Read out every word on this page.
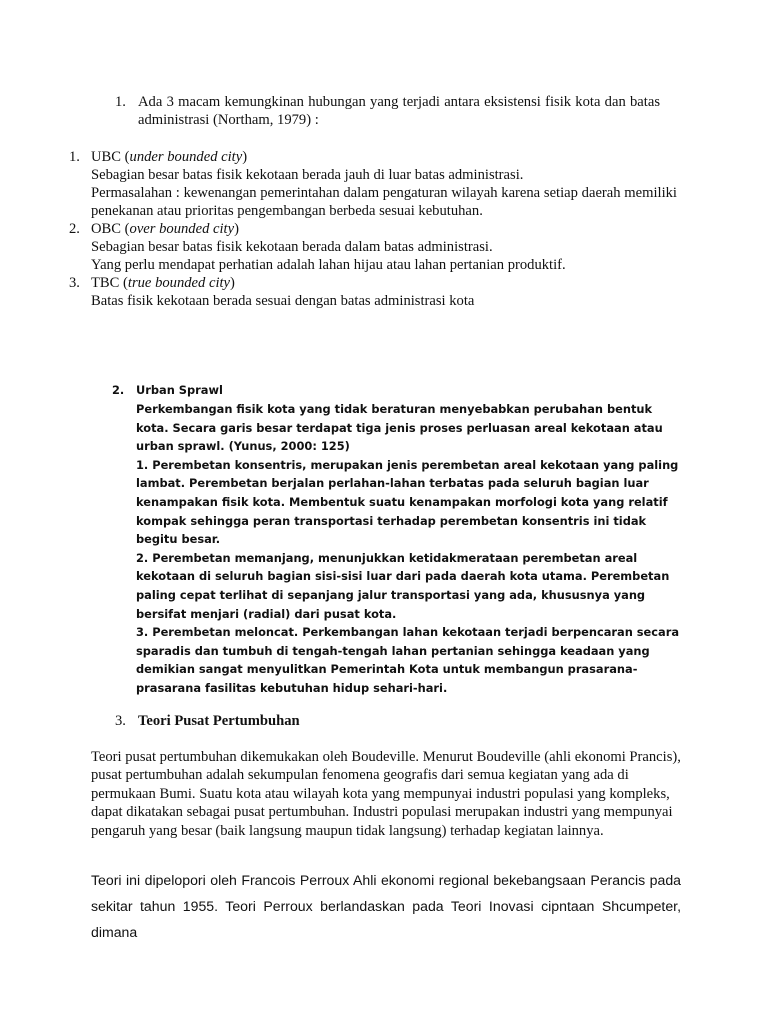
1. Ada 3 macam kemungkinan hubungan yang terjadi antara eksistensi fisik kota dan batas administrasi (Northam, 1979) :

1. UBC (under bounded city)

Sebagian besar batas fisik kekotaan berada jauh di luar batas administrasi.

Permasalahan : kewenangan pemerintahan dalam pengaturan wilayah karena setiap daerah memiliki penekanan atau prioritas pengembangan berbeda sesuai kebutuhan.

2. OBC (over bounded city)

Sebagian besar batas fisik kekotaan berada dalam batas administrasi.

Yang perlu mendapat perhatian adalah lahan hijau atau lahan pertanian produktif.

3. TBC (true bounded city)

Batas fisik kekotaan berada sesuai dengan batas administrasi kota

2. Urban Sprawl

Perkembangan fisik kota yang tidak beraturan menyebabkan perubahan bentuk kota. Secara garis besar terdapat tiga jenis proses perluasan areal kekotaan atau urban sprawl. (Yunus, 2000: 125)

1. Perembetan konsentris, merupakan jenis perembetan areal kekotaan yang paling lambat. Perembetan berjalan perlahan-lahan terbatas pada seluruh bagian luar kenampakan fisik kota. Membentuk suatu kenampakan morfologi kota yang relatif kompak sehingga peran transportasi terhadap perembetan konsentris ini tidak begitu besar.

2. Perembetan memanjang, menunjukkan ketidakmerataan perembetan areal kekotaan di seluruh bagian sisi-sisi luar dari pada daerah kota utama. Perembetan paling cepat terlihat di sepanjang jalur transportasi yang ada, khususnya yang bersifat menjari (radial) dari pusat kota.

3. Perembetan meloncat. Perkembangan lahan kekotaan terjadi berpencaran secara sparadis dan tumbuh di tengah-tengah lahan pertanian sehingga keadaan yang demikian sangat menyulitkan Pemerintah Kota untuk membangun prasarana-prasarana fasilitas kebutuhan hidup sehari-hari.

3. Teori Pusat Pertumbuhan

Teori pusat pertumbuhan dikemukakan oleh Boudeville. Menurut Boudeville (ahli ekonomi Prancis), pusat pertumbuhan adalah sekumpulan fenomena geografis dari semua kegiatan yang ada di permukaan Bumi. Suatu kota atau wilayah kota yang mempunyai industri populasi yang kompleks, dapat dikatakan sebagai pusat pertumbuhan. Industri populasi merupakan industri yang mempunyai pengaruh yang besar (baik langsung maupun tidak langsung) terhadap kegiatan lainnya.

Teori ini dipelopori oleh Francois Perroux Ahli ekonomi regional bekebangsaan Perancis pada sekitar tahun 1955. Teori Perroux berlandaskan pada Teori Inovasi cipntaan Shcumpeter, dimana
